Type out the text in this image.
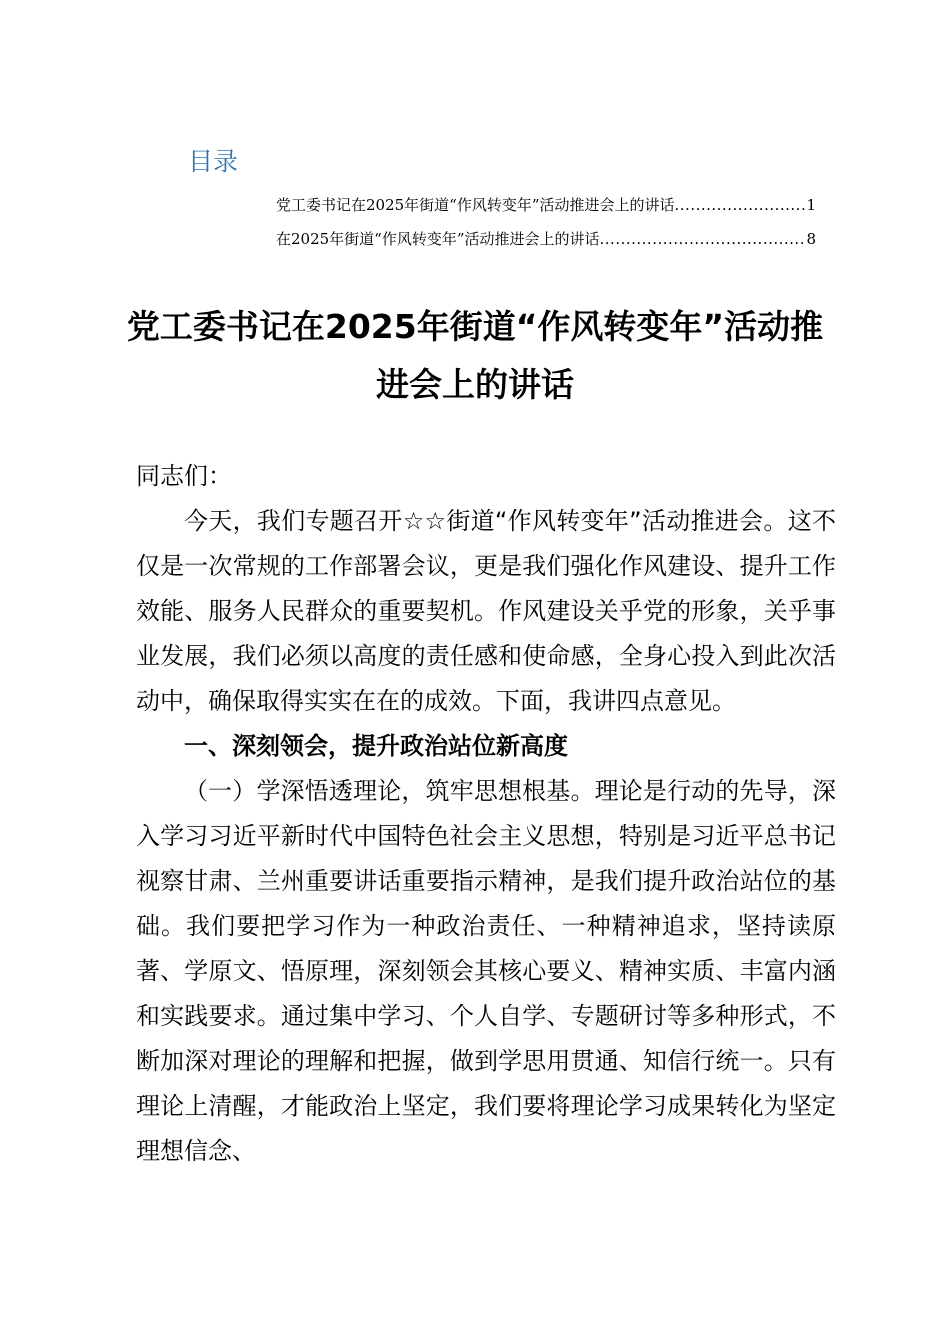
目录
党工委书记在2025年街道“作风转变年”活动推进会上的讲话 .....	1
在2025年街道“作风转变年”活动推进会上的讲话 .....	8
党工委书记在2025年街道“作风转变年”活动推进会上的讲话

同志们：

今天，我们专题召开☆☆街道“作风转变年”活动推进会。这不仅是一次常规的工作部署会议，更是我们强化作风建设、提升工作效能、服务人民群众的重要契机。作风建设关乎党的形象，关乎事业发展，我们必须以高度的责任感和使命感，全身心投入到此次活动中，确保取得实实在在的成效。下面，我讲四点意见。

一、深刻领会，提升政治站位新高度

（一）学深悟透理论，筑牢思想根基。理论是行动的先导，深入学习习近平新时代中国特色社会主义思想，特别是习近平总书记视察甘肃、兰州重要讲话重要指示精神，是我们提升政治站位的基础。我们要把学习作为一种政治责任、一种精神追求，坚持读原著、学原文、悟原理，深刻领会其核心要义、精神实质、丰富内涵和实践要求。通过集中学习、个人自学、专题研讨等多种形式，不断加深对理论的理解和把握，做到学思用贯通、知信行统一。只有理论上清醒，才能政治上坚定，我们要将理论学习成果转化为坚定理想信念、
